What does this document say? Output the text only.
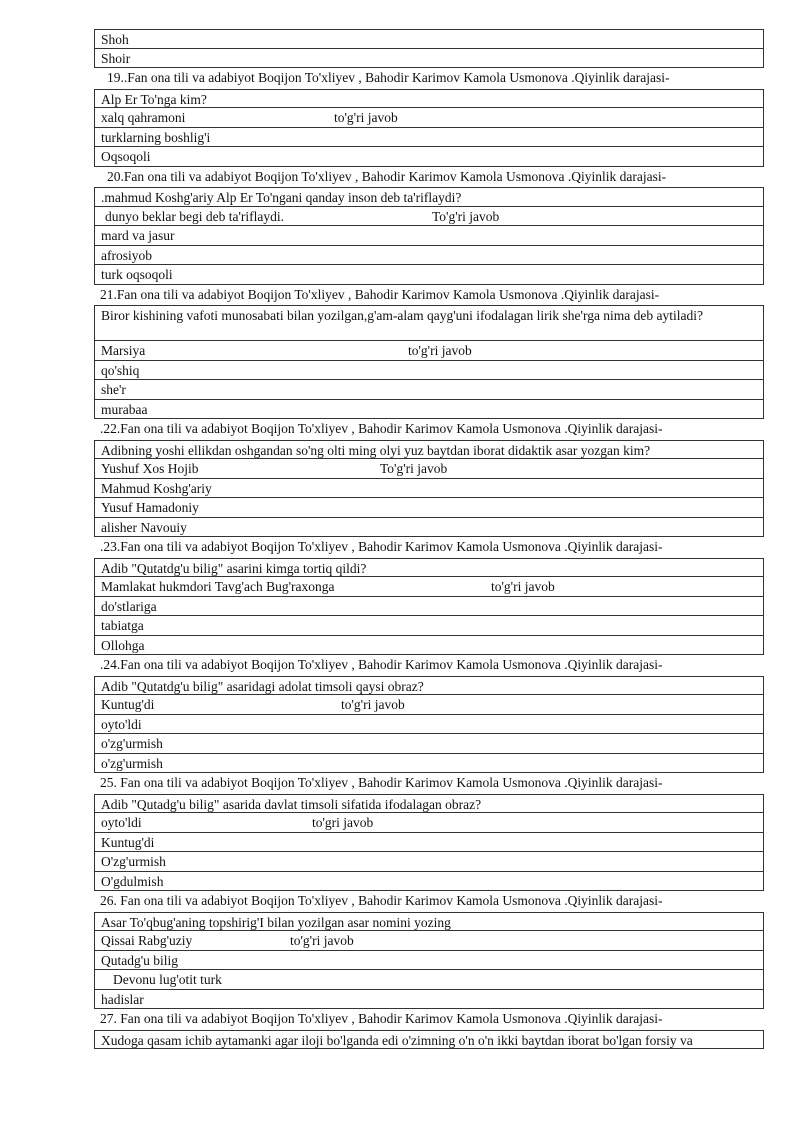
Shoh
Shoir
19..Fan ona tili va adabiyot Boqijon To'xliyev , Bahodir Karimov Kamola Usmonova .Qiyinlik darajasi-
Alp Er To'nga kim?
xalq qahramoni	to'g'ri javob
turklarning boshlig'i
Oqsoqoli
20.Fan ona tili va adabiyot Boqijon To'xliyev , Bahodir Karimov Kamola Usmonova .Qiyinlik darajasi-
.mahmud Koshg'ariy Alp Er To'ngani qanday inson deb ta'riflaydi?
dunyo beklar begi deb ta'riflaydi.	To'g'ri javob
mard va jasur
afrosiyob
turk oqsoqoli
21.Fan ona tili va adabiyot Boqijon To'xliyev , Bahodir Karimov Kamola Usmonova .Qiyinlik darajasi-
Biror kishining vafoti munosabati bilan yozilgan,g'am-alam qayg'uni ifodalagan lirik she'rga nima deb aytiladi?
Marsiya	to'g'ri javob
qo'shiq
she'r
murabaa
.22.Fan ona tili va adabiyot Boqijon To'xliyev , Bahodir Karimov Kamola Usmonova .Qiyinlik darajasi-
Adibning yoshi ellikdan oshgandan so'ng olti ming olyi yuz baytdan iborat didaktik asar yozgan kim?
Yushuf Xos Hojib	To'g'ri javob
Mahmud Koshg'ariy
Yusuf Hamadoniy
alisher Navouiy
.23.Fan ona tili va adabiyot Boqijon To'xliyev , Bahodir Karimov Kamola Usmonova .Qiyinlik darajasi-
Adib "Qutatdg'u bilig" asarini kimga tortiq qildi?
Mamlakat hukmdori Tavg'ach Bug'raxonga	to'g'ri javob
do'stlariga
tabiatga
Ollohga
.24.Fan ona tili va adabiyot Boqijon To'xliyev , Bahodir Karimov Kamola Usmonova .Qiyinlik darajasi-
Adib "Qutatdg'u bilig" asaridagi adolat timsoli qaysi obraz?
Kuntug'di	to'g'ri javob
oyto'ldi
o'zg'urmish
o'zg'urmish
25. Fan ona tili va adabiyot Boqijon To'xliyev , Bahodir Karimov Kamola Usmonova .Qiyinlik darajasi-
Adib "Qutadg'u bilig" asarida davlat timsoli sifatida ifodalagan obraz?
oyto'ldi	to'gri javob
Kuntug'di
O'zg'urmish
O'gdulmish
26. Fan ona tili va adabiyot Boqijon To'xliyev , Bahodir Karimov Kamola Usmonova .Qiyinlik darajasi-
Asar To'qbug'aning topshirig'I bilan yozilgan asar nomini yozing
Qissai Rabg'uziy	to'g'ri javob
Qutadg'u bilig
Devonu lug'otit turk
hadislar
27. Fan ona tili va adabiyot Boqijon To'xliyev , Bahodir Karimov Kamola Usmonova .Qiyinlik darajasi-
Xudoga qasam ichib aytamanki agar iloji bo'lganda edi o'zimning o'n o'n ikki baytdan iborat bo'lgan forsiy va
